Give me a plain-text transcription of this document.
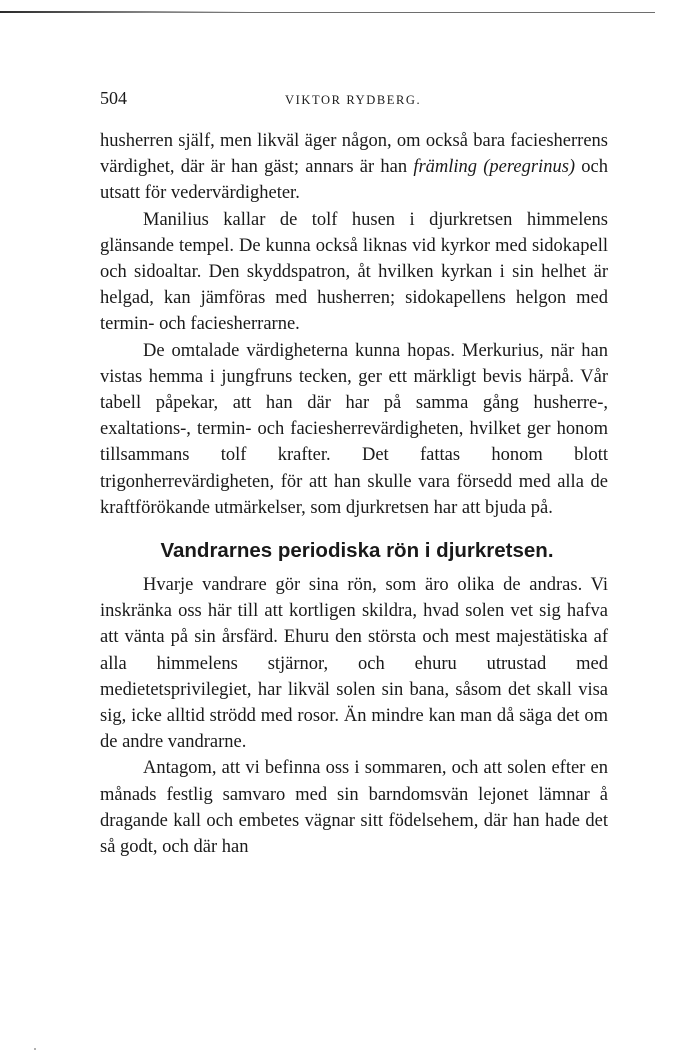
504	VIKTOR RYDBERG.

husherren själf, men likväl äger någon, om också bara faciesherrens värdighet, där är han gäst; annars är han främling (peregrinus) och utsatt för vedervärdigheter.

Manilius kallar de tolf husen i djurkretsen himmelens glänsande tempel. De kunna också liknas vid kyrkor med sidokapell och sidoaltar. Den skyddspatron, åt hvilken kyrkan i sin helhet är helgad, kan jämföras med husherren; sidokapellens helgon med termin- och faciesherrarne.

De omtalade värdigheterna kunna hopas. Merkurius, när han vistas hemma i jungfruns tecken, ger ett märkligt bevis härpå. Vår tabell påpekar, att han där har på samma gång husherre-, exaltations-, termin- och faciesherrevärdigheten, hvilket ger honom tillsammans tolf krafter. Det fattas honom blott trigonherrevärdigheten, för att han skulle vara försedd med alla de kraftförökande utmärkelser, som djurkretsen har att bjuda på.

Vandrarnes periodiska rön i djurkretsen.

Hvarje vandrare gör sina rön, som äro olika de andras. Vi inskränka oss här till att kortligen skildra, hvad solen vet sig hafva att vänta på sin årsfärd. Ehuru den största och mest majestätiska af alla himmelens stjärnor, och ehuru utrustad med medietetsprivilegiet, har likväl solen sin bana, såsom det skall visa sig, icke alltid strödd med rosor. Än mindre kan man då säga det om de andre vandrarne.

Antagom, att vi befinna oss i sommaren, och att solen efter en månads festlig samvaro med sin barndomsvän lejonet lämnar å dragande kall och embetes vägnar sitt födelsehem, där han hade det så godt, och där han
